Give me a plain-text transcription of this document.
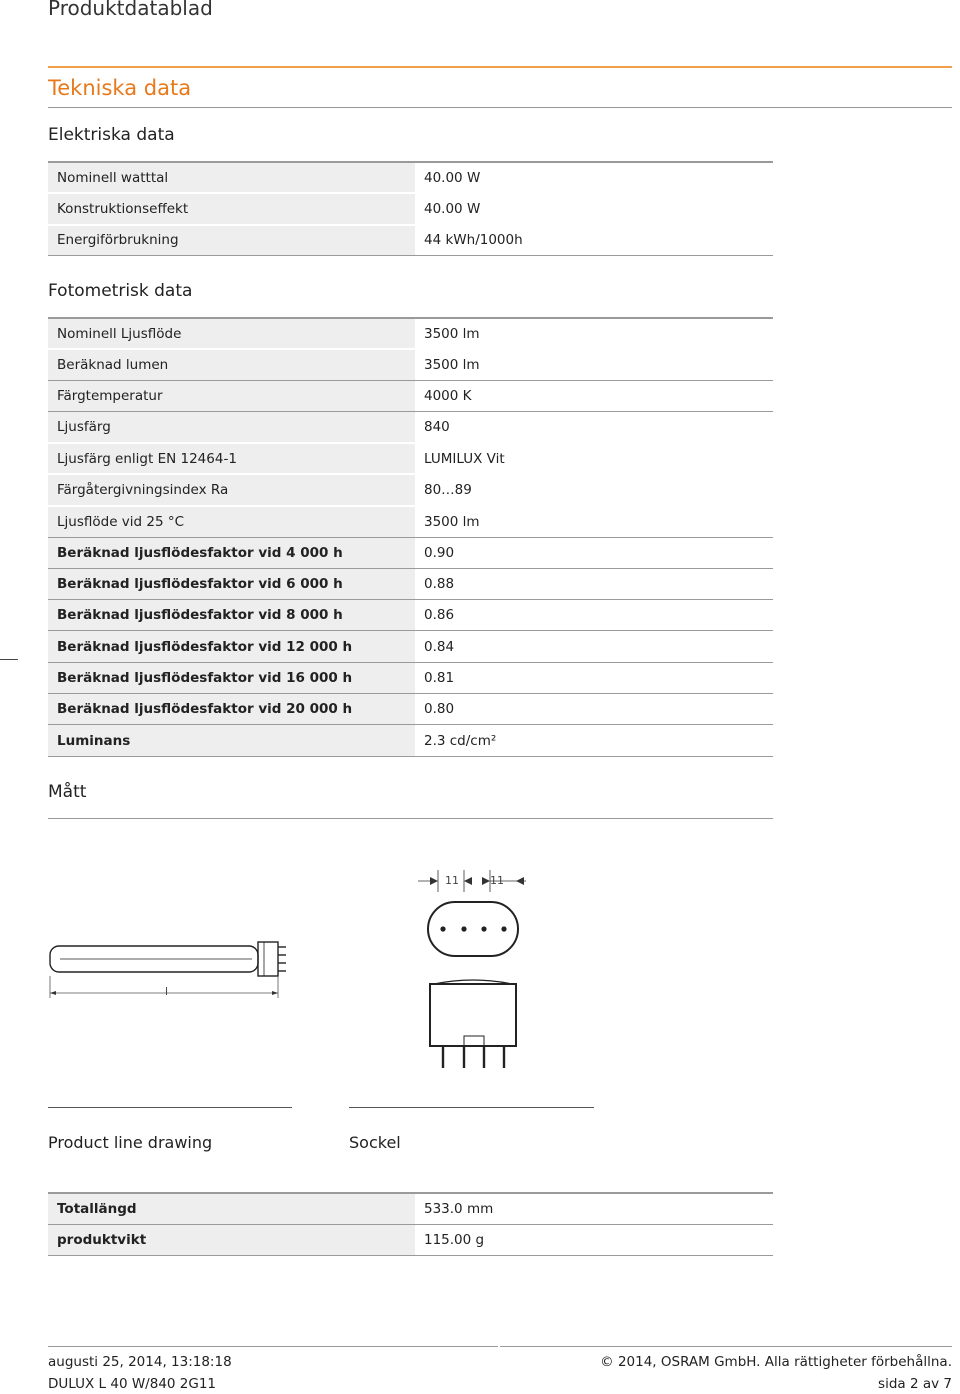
Produktdatablad
Tekniska data
Elektriska data
Nominell watttal	40.00 W
Konstruktionseffekt	40.00 W
Energiförbrukning	44 kWh/1000h
Fotometrisk data
Nominell Ljusflöde	3500 lm
Beräknad lumen	3500 lm
Färgtemperatur	4000 K
Ljusfärg	840
Ljusfärg enligt EN 12464-1	LUMILUX Vit
Färgåtergivningsindex Ra	80…89
Ljusflöde vid 25 °C	3500 lm
Beräknad ljusflödesfaktor vid 4 000 h	0.90
Beräknad ljusflödesfaktor vid 6 000 h	0.88
Beräknad ljusflödesfaktor vid 8 000 h	0.86
Beräknad ljusflödesfaktor vid 12 000 h	0.84
Beräknad ljusflödesfaktor vid 16 000 h	0.81
Beräknad ljusflödesfaktor vid 20 000 h	0.80
Luminans	2.3 cd/cm²
Mått
l
11	11
Product line drawing	Sockel
Totallängd	533.0 mm
produktvikt	115.00 g
augusti 25, 2014, 13:18:18
DULUX L 40 W/840 2G11
© 2014, OSRAM GmbH. Alla rättigheter förbehållna.
sida 2 av 7
